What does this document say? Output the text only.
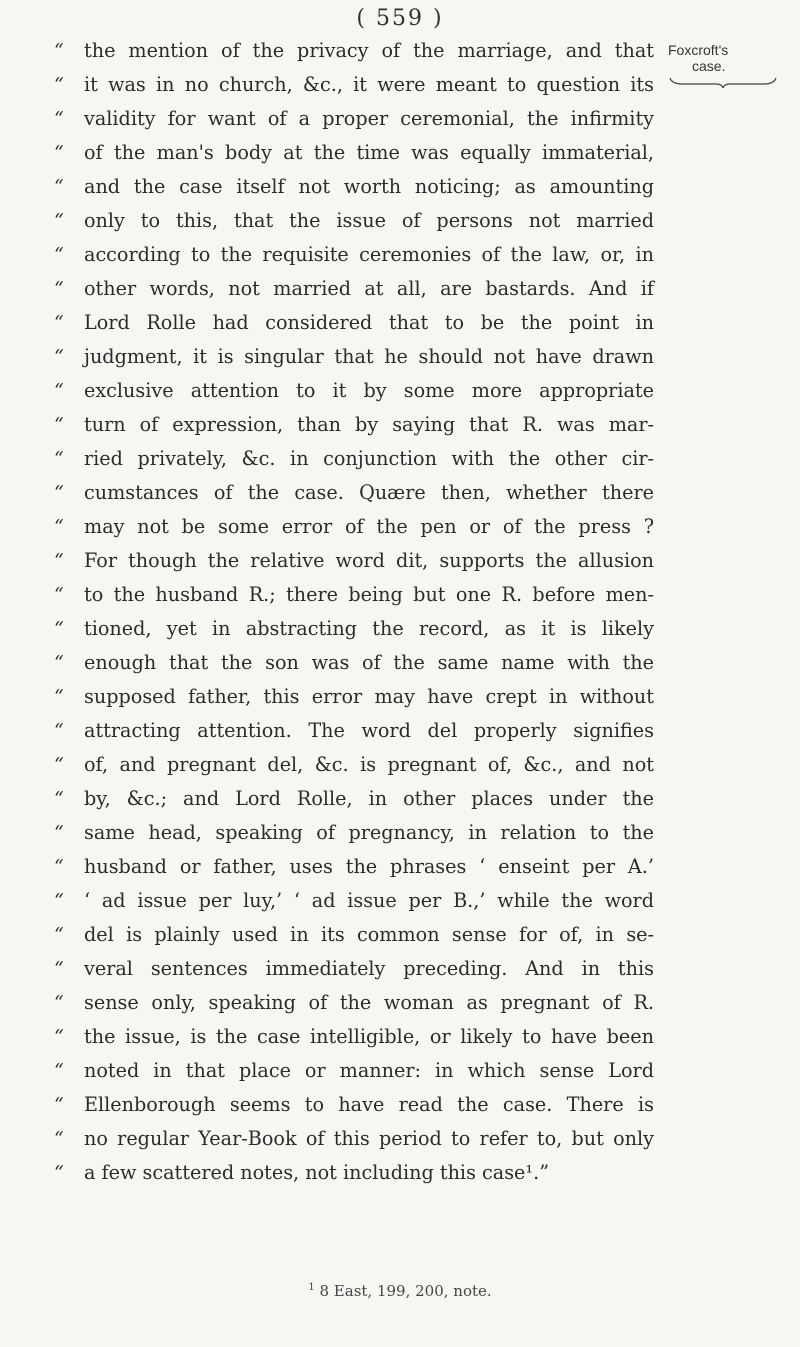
( 559 )
Foxcroft's
case.
“ the mention of the privacy of the marriage, and that
“ it was in no church, &c., it were meant to question its
“ validity for want of a proper ceremonial, the infirmity
“ of the man's body at the time was equally immaterial,
“ and the case itself not worth noticing; as amounting
“ only to this, that the issue of persons not married
“ according to the requisite ceremonies of the law, or, in
“ other words, not married at all, are bastards. And if
“ Lord Rolle had considered that to be the point in
“ judgment, it is singular that he should not have drawn
“ exclusive attention to it by some more appropriate
“ turn of expression, than by saying that R. was mar-
“ ried privately, &c. in conjunction with the other cir-
“ cumstances of the case. Quære then, whether there
“ may not be some error of the pen or of the press ?
“ For though the relative word dit, supports the allusion
“ to the husband R.; there being but one R. before men-
“ tioned, yet in abstracting the record, as it is likely
“ enough that the son was of the same name with the
“ supposed father, this error may have crept in without
“ attracting attention. The word del properly signifies
“ of, and pregnant del, &c. is pregnant of, &c., and not
“ by, &c.; and Lord Rolle, in other places under the
“ same head, speaking of pregnancy, in relation to the
“ husband or father, uses the phrases ‘ enseint per A.’
“ ‘ ad issue per luy,’ ‘ ad issue per B.,’ while the word
“ del is plainly used in its common sense for of, in se-
“ veral sentences immediately preceding. And in this
“ sense only, speaking of the woman as pregnant of R.
“ the issue, is the case intelligible, or likely to have been
“ noted in that place or manner: in which sense Lord
“ Ellenborough seems to have read the case. There is
“ no regular Year-Book of this period to refer to, but only
“ a few scattered notes, not including this case¹.”
$^1$ 8 East, 199, 200, note.
